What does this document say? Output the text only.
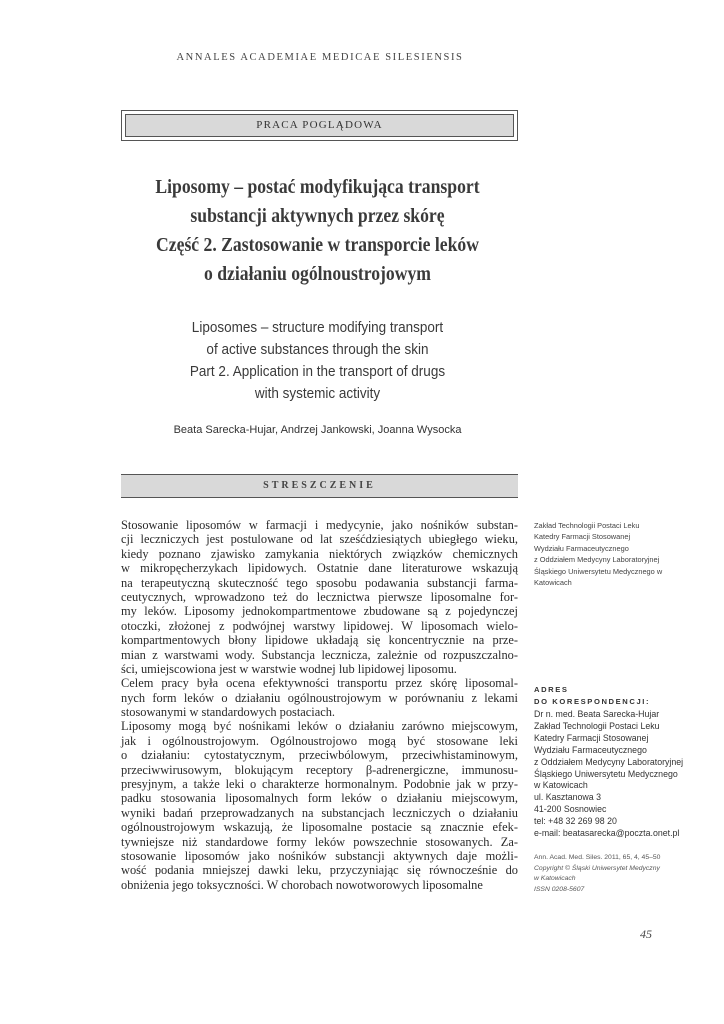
ANNALES ACADEMIAE MEDICAE SILESIENSIS
PRACA POGLĄDOWA
Liposomy – postać modyfikująca transport
substancji aktywnych przez skórę
Część 2. Zastosowanie w transporcie leków
o działaniu ogólnoustrojowym
Liposomes – structure modifying transport
of active substances through the skin
Part 2. Application in the transport of drugs
with systemic activity
Beata Sarecka-Hujar, Andrzej Jankowski, Joanna Wysocka
STRESZCZENIE
Stosowanie liposomów w farmacji i medycynie, jako nośników substan-
cji leczniczych jest postulowane od lat sześćdziesiątych ubiegłego wieku,
kiedy poznano zjawisko zamykania niektórych związków chemicznych
w mikropęcherzykach lipidowych. Ostatnie dane literaturowe wskazują
na terapeutyczną skuteczność tego sposobu podawania substancji farma-
ceutycznych, wprowadzono też do lecznictwa pierwsze liposomalne for-
my leków. Liposomy jednokompartmentowe zbudowane są z pojedynczej
otoczki, złożonej z podwójnej warstwy lipidowej. W liposomach wielo-
kompartmentowych błony lipidowe układają się koncentrycznie na prze-
mian z warstwami wody. Substancja lecznicza, zależnie od rozpuszczalno-
ści, umiejscowiona jest w warstwie wodnej lub lipidowej liposomu.
Celem pracy była ocena efektywności transportu przez skórę liposomal-
nych form leków o działaniu ogólnoustrojowym w porównaniu z lekami
stosowanymi w standardowych postaciach.
Liposomy mogą być nośnikami leków o działaniu zarówno miejscowym,
jak i ogólnoustrojowym. Ogólnoustrojowo mogą być stosowane leki
o działaniu: cytostatycznym, przeciwbólowym, przeciwhistaminowym,
przeciwwirusowym, blokującym receptory β-adrenergiczne, immunosu-
presyjnym, a także leki o charakterze hormonalnym. Podobnie jak w przy-
padku stosowania liposomalnych form leków o działaniu miejscowym,
wyniki badań przeprowadzanych na substancjach leczniczych o działaniu
ogólnoustrojowym wskazują, że liposomalne postacie są znacznie efek-
tywniejsze niż standardowe formy leków powszechnie stosowanych. Za-
stosowanie liposomów jako nośników substancji aktywnych daje możli-
wość podania mniejszej dawki leku, przyczyniając się równocześnie do
obniżenia jego toksyczności. W chorobach nowotworowych liposomalne
Zakład Technologii Postaci Leku
Katedry Farmacji Stosowanej
Wydziału Farmaceutycznego
z Oddziałem Medycyny Laboratoryjnej
Śląskiego Uniwersytetu Medycznego w
Katowicach
ADRES
DO KORESPONDENCJI:
Dr n. med. Beata Sarecka-Hujar
Zakład Technologii Postaci Leku
Katedry Farmacji Stosowanej
Wydziału Farmaceutycznego
z Oddziałem Medycyny Laboratoryjnej
Śląskiego Uniwersytetu Medycznego
w Katowicach
ul. Kasztanowa 3
41-200 Sosnowiec
tel: +48 32 269 98 20
e-mail: beatasarecka@poczta.onet.pl
Ann. Acad. Med. Siles. 2011, 65, 4, 45–50
Copyright © Śląski Uniwersytet Medyczny
w Katowicach
ISSN 0208-5607
45
